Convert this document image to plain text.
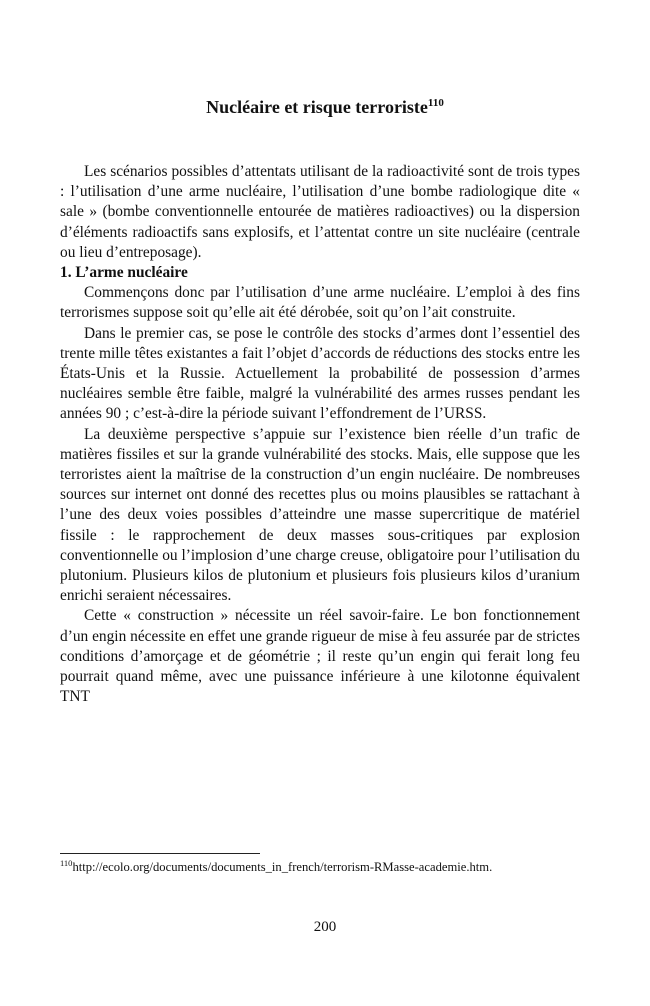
Nucléaire et risque terroriste$^{110}$

Les scénarios possibles d’attentats utilisant de la radioactivité sont de trois types : l’utilisation d’une arme nucléaire, l’utilisation d’une bombe radiologique dite « sale » (bombe conventionnelle entourée de matières radioactives) ou la dispersion d’éléments radioactifs sans explosifs, et l’attentat contre un site nucléaire (centrale ou lieu d’entreposage).

1. L’arme nucléaire

Commençons donc par l’utilisation d’une arme nucléaire. L’emploi à des fins terrorismes suppose soit qu’elle ait été dérobée, soit qu’on l’ait construite.

Dans le premier cas, se pose le contrôle des stocks d’armes dont l’essentiel des trente mille têtes existantes a fait l’objet d’accords de réductions des stocks entre les États-Unis et la Russie. Actuellement la probabilité de possession d’armes nucléaires semble être faible, malgré la vulnérabilité des armes russes pendant les années 90 ; c’est-à-dire la période suivant l’effondrement de l’URSS.

La deuxième perspective s’appuie sur l’existence bien réelle d’un trafic de matières fissiles et sur la grande vulnérabilité des stocks. Mais, elle suppose que les terroristes aient la maîtrise de la construction d’un engin nucléaire. De nombreuses sources sur internet ont donné des recettes plus ou moins plausibles se rattachant à l’une des deux voies possibles d’atteindre une masse supercritique de matériel fissile : le rapprochement de deux masses sous-critiques par explosion conventionnelle ou l’implosion d’une charge creuse, obligatoire pour l’utilisation du plutonium. Plusieurs kilos de plutonium et plusieurs fois plusieurs kilos d’uranium enrichi seraient nécessaires.

Cette « construction » nécessite un réel savoir-faire. Le bon fonctionnement d’un engin nécessite en effet une grande rigueur de mise à feu assurée par de strictes conditions d’amorçage et de géométrie ; il reste qu’un engin qui ferait long feu pourrait quand même, avec une puissance inférieure à une kilotonne équivalent TNT

$^{110}$http://ecolo.org/documents/documents_in_french/terrorism-RMasse-academie.htm.
200
